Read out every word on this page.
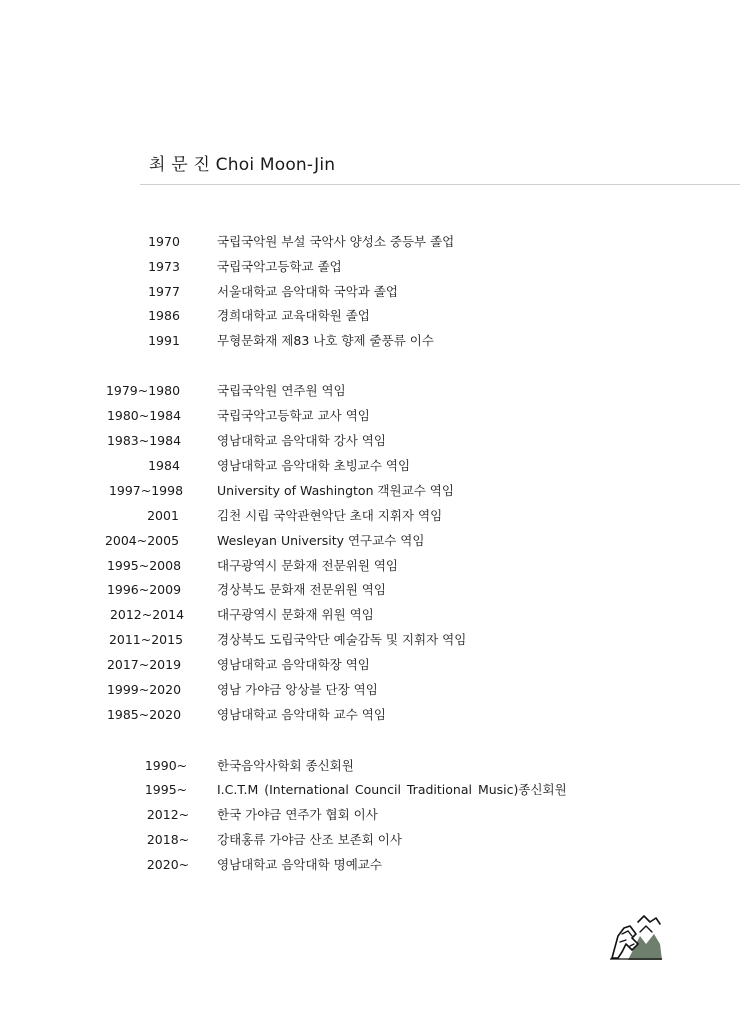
최 문 진 Choi Moon-Jin
1970	국립국악원 부설 국악사 양성소 중등부 졸업
1973	국립국악고등학교 졸업
1977	서울대학교 음악대학 국악과 졸업
1986	경희대학교 교육대학원 졸업
1991	무형문화재 제83 나호 향제 줄풍류 이수
1979~1980	국립국악원 연주원 역임
1980~1984	국립국악고등학교 교사 역임
1983~1984	영남대학교 음악대학 강사 역임
1984	영남대학교 음악대학 초빙교수 역임
1997~1998	University of Washington 객원교수 역임
2001	김천 시립 국악관현악단 초대 지휘자 역임
2004~2005	Wesleyan University 연구교수 역임
1995~2008	대구광역시 문화재 전문위원 역임
1996~2009	경상북도 문화재 전문위원 역임
2012~2014	대구광역시 문화재 위원 역임
2011~2015	경상북도 도립국악단 예술감독 및 지휘자 역임
2017~2019	영남대학교 음악대학장 역임
1999~2020	영남 가야금 앙상블 단장 역임
1985~2020	영남대학교 음악대학 교수 역임
1990~	한국음악사학회 종신회원
1995~	I.C.T.M (International Council Traditional Music)종신회원
2012~	한국 가야금 연주가 협회 이사
2018~	강태홍류 가야금 산조 보존회 이사
2020~	영남대학교 음악대학 명예교수
